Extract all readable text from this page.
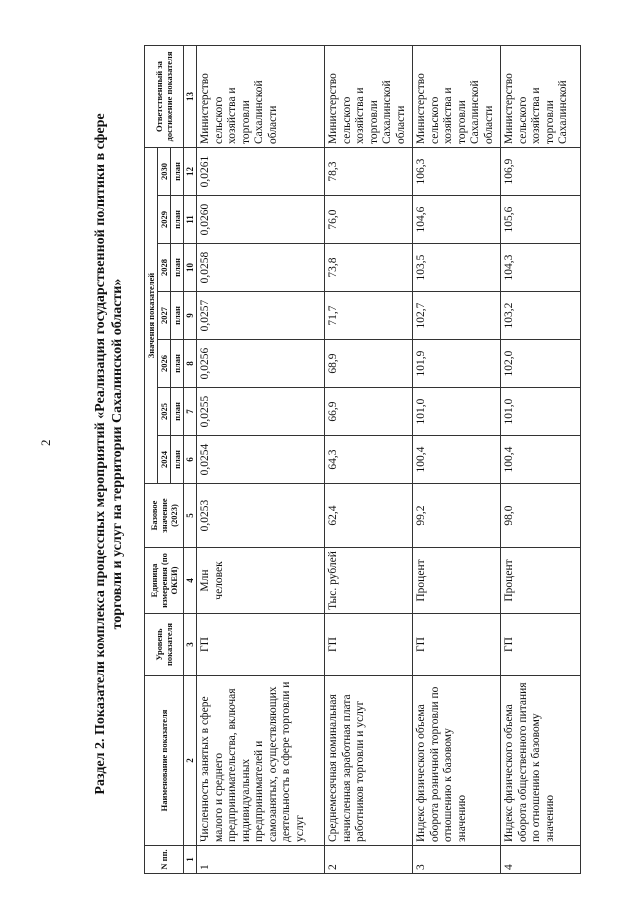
2	Раздел 2. Показатели комплекса процессных мероприятий «Реализация государственной политики в сфере торговли и услуг на территории Сахалинской области»
N пп.	Наименование показателя	Уровень показателя	Единица измерения (по ОКЕИ)	Базовое значение (2023)	Значения показателей							Ответственный за достижение показателя
					2024	2025	2026	2027	2028	2029	2030	
					план	план	план	план	план	план	план	
1	2	3	4	5	6	7	8	9	10	11	12	13
1	Численность занятых в сфере малого и среднего предпринимательства, включая индивидуальных предпринимателей и самозанятых, осуществляющих деятельность в сфере торговли и услуг	ГП	Млн человек	0,0253	0,0254	0,0255	0,0256	0,0257	0,0258	0,0260	0,0261	Министерство сельского хозяйства и торговли Сахалинской области
2	Среднемесячная номинальная начисленная заработная плата работников торговли и услуг	ГП	Тыс. рублей	62,4	64,3	66,9	68,9	71,7	73,8	76,0	78,3	Министерство сельского хозяйства и торговли Сахалинской области
3	Индекс физического объема оборота розничной торговли по отношению к базовому значению	ГП	Процент	99,2	100,4	101,0	101,9	102,7	103,5	104,6	106,3	Министерство сельского хозяйства и торговли Сахалинской области
4	Индекс физического объема оборота общественного питания по отношению к базовому значению	ГП	Процент	98,0	100,4	101,0	102,0	103,2	104,3	105,6	106,9	Министерство сельского хозяйства и торговли Сахалинской
